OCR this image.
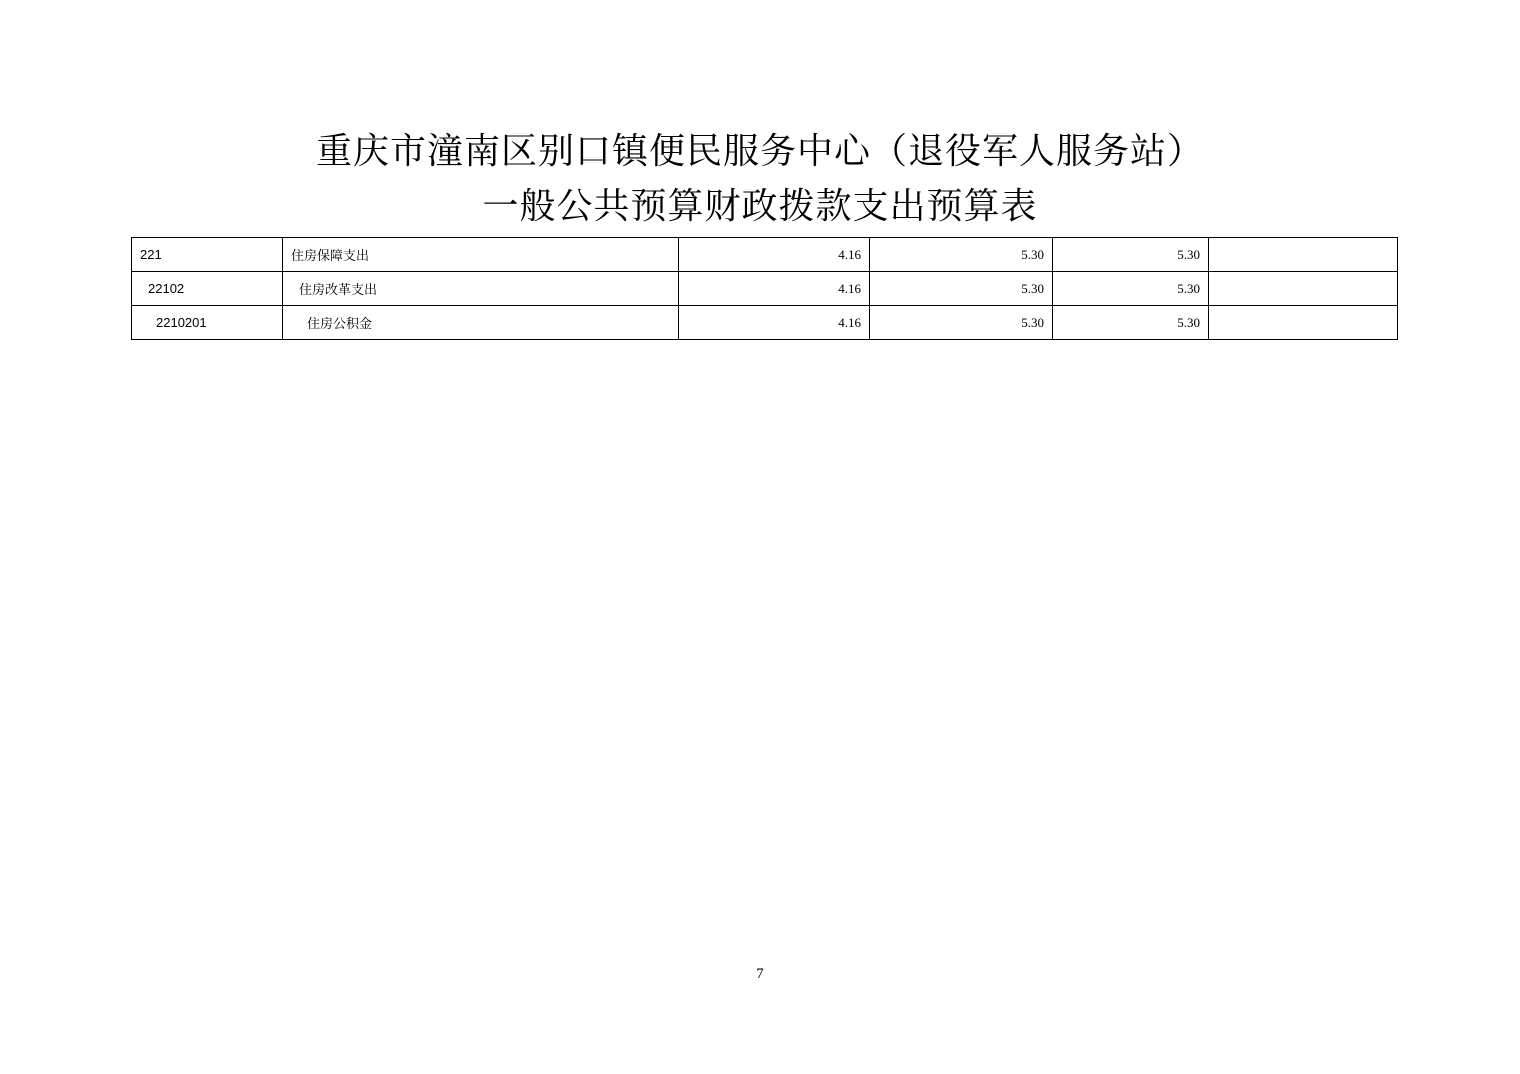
重庆市潼南区别口镇便民服务中心（退役军人服务站）
一般公共预算财政拨款支出预算表
221	住房保障支出	4.16	5.30	5.30	
22102	住房改革支出	4.16	5.30	5.30	
2210201	住房公积金	4.16	5.30	5.30	
7
